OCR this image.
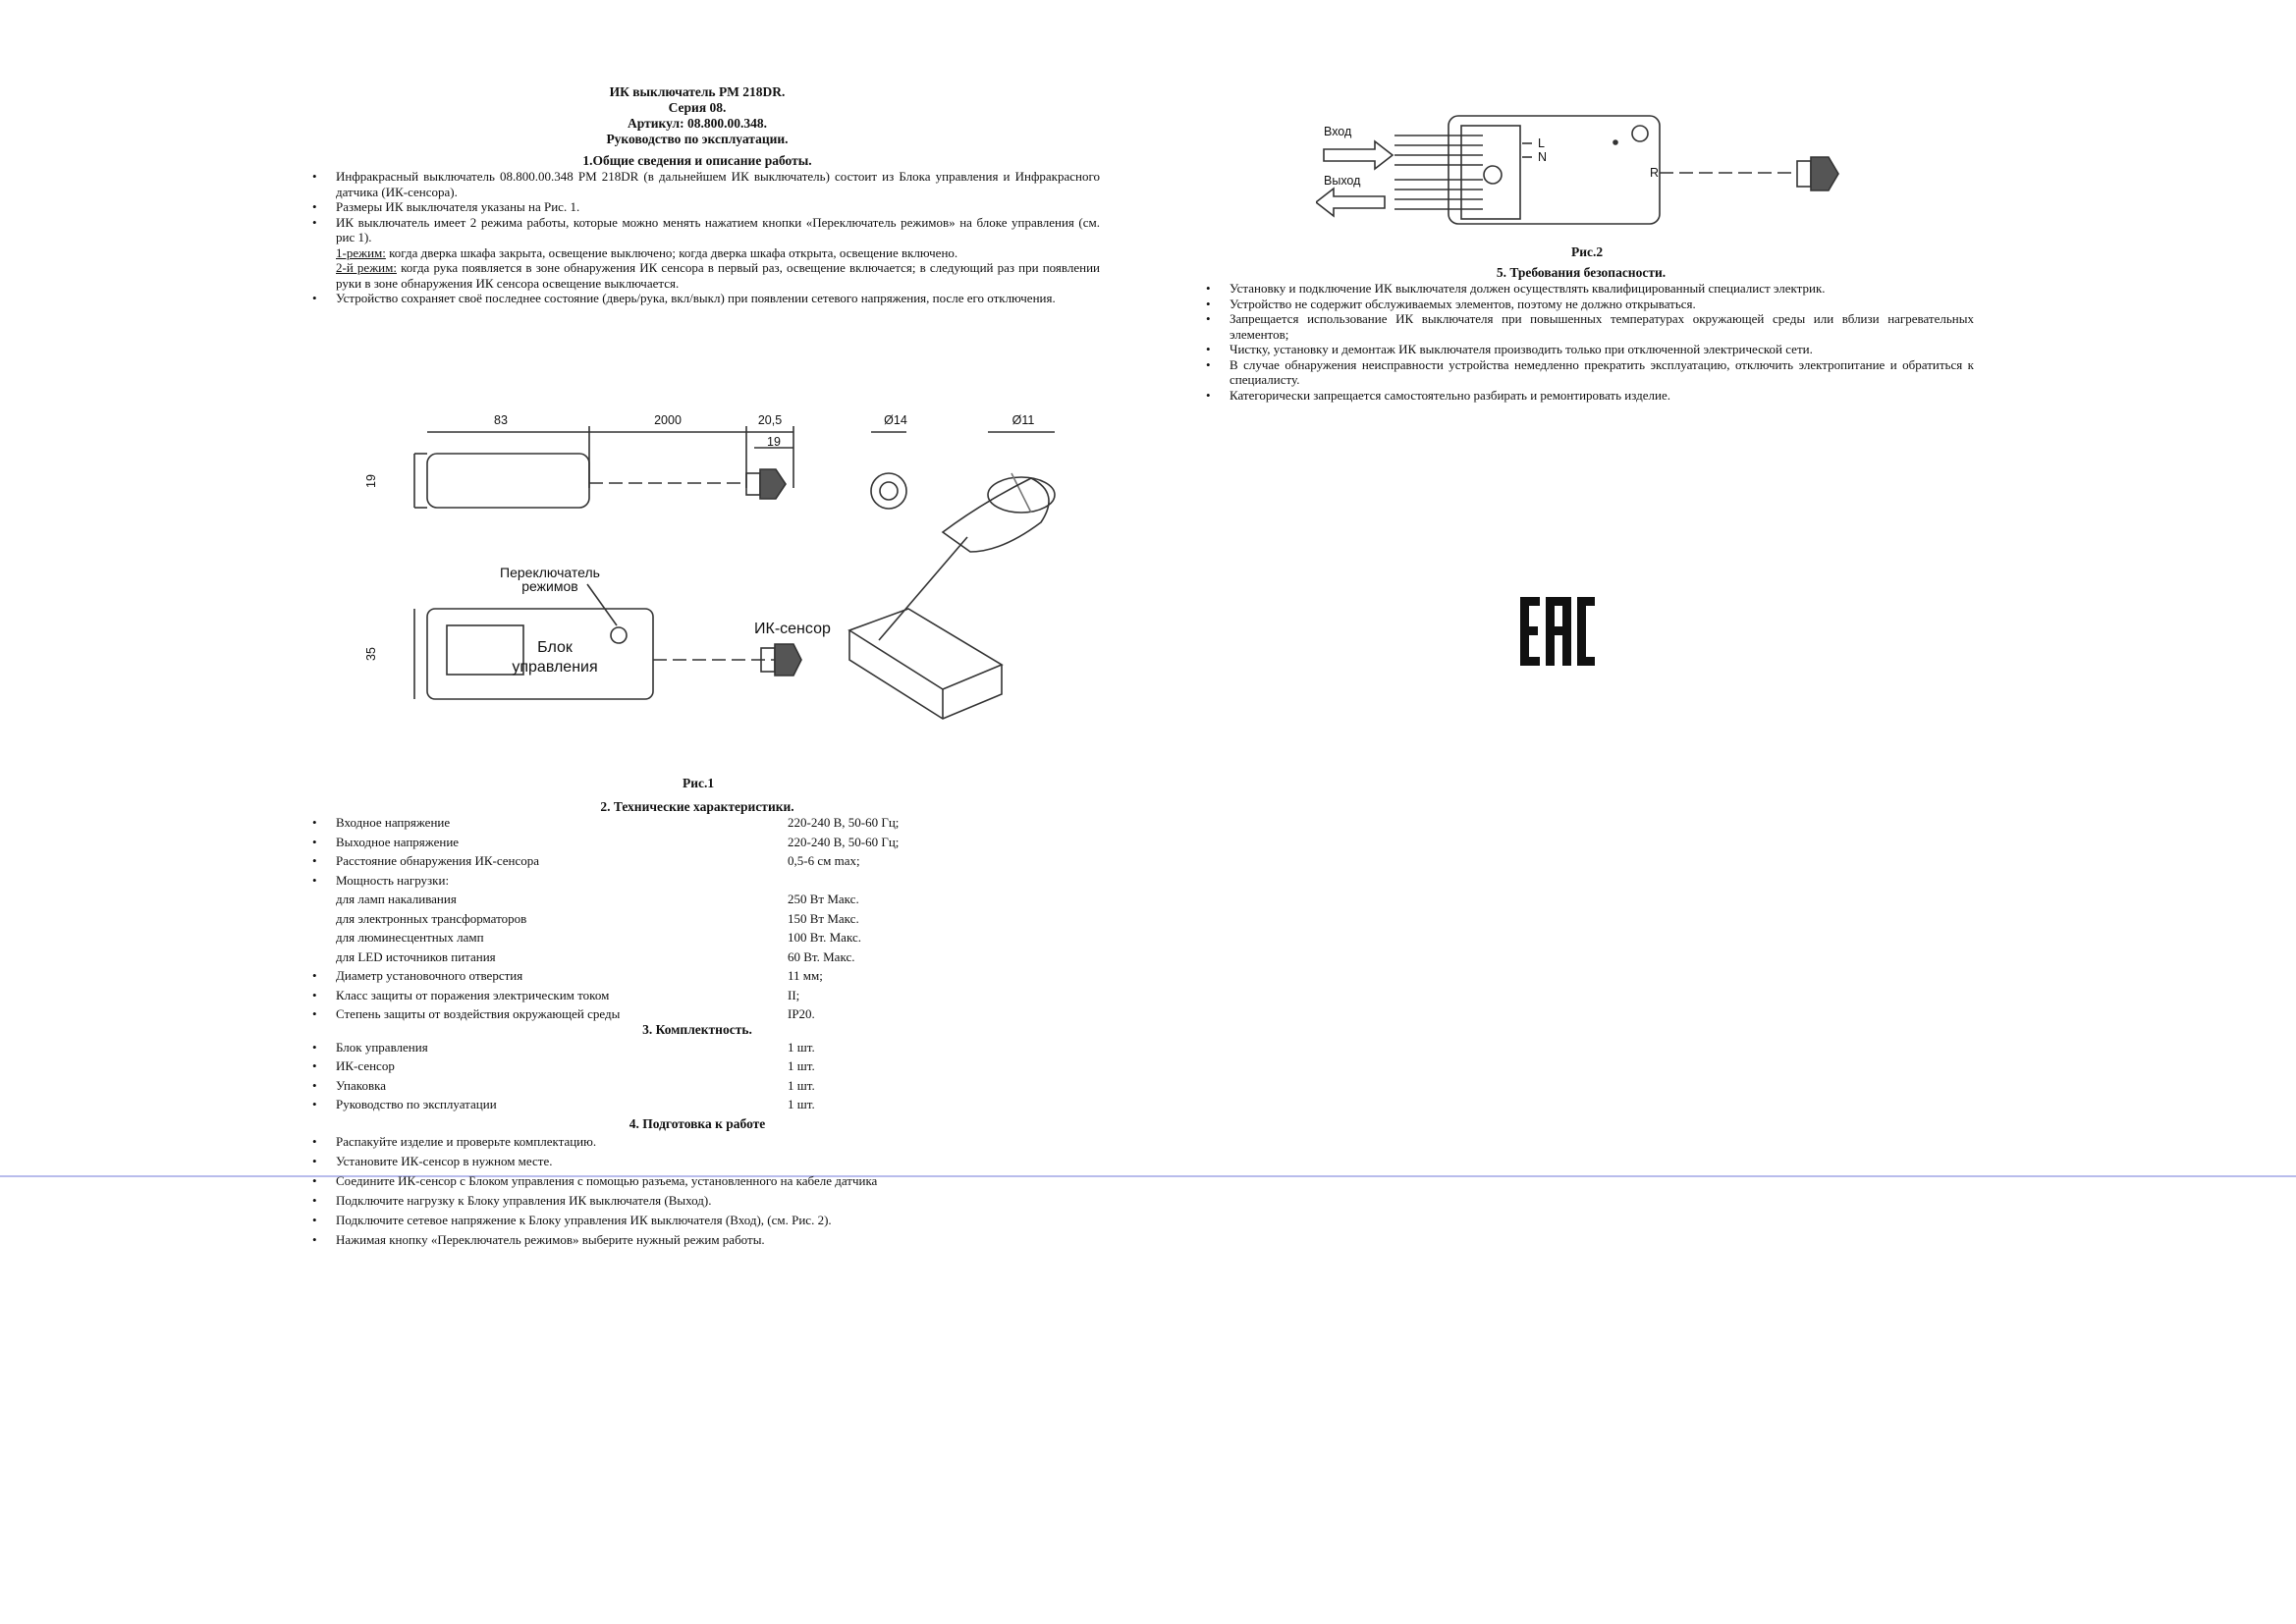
ИК выключатель PM 218DR.
Серия 08.
Артикул: 08.800.00.348.
Руководство по эксплуатации.
1.Общие сведения и описание работы.
• Инфракрасный выключатель 08.800.00.348 PM 218DR (в дальнейшем ИК выключатель) состоит из Блока управления и Инфракрасного датчика (ИК-сенсора).
• Размеры ИК выключателя указаны на Рис. 1.
• ИК выключатель имеет 2 режима работы, которые можно менять нажатием кнопки «Переключатель режимов» на блоке управления (см. рис 1).
1-режим: когда дверка шкафа закрыта, освещение выключено; когда дверка шкафа открыта, освещение включено.
2-й режим: когда рука появляется в зоне обнаружения ИК сенсора в первый раз, освещение включается; в следующий раз при появлении руки в зоне обнаружения ИК сенсора освещение выключается.
• Устройство сохраняет своё последнее состояние (дверь/рука, вкл/выкл) при появлении сетевого напряжения, после его отключения.
83	2000	20,5
19
Ø14	Ø11
19
35
Переключатель
режимов
Блок
управления
ИК-сенсор
Рис.1
2. Технические характеристики.
• Входное напряжение	220-240 В, 50-60 Гц;
• Выходное напряжение	220-240 В, 50-60 Гц;
• Расстояние обнаружения ИК-сенсора	0,5-6 см max;
• Мощность нагрузки:	
для ламп накаливания	250 Вт Макс.
для электронных трансформаторов	150 Вт Макс.
для люминесцентных ламп	100 Вт. Макс.
для LED источников питания	60 Вт. Макс.
• Диаметр установочного отверстия	11 мм;
• Класс защиты от поражения электрическим током	II;
• Степень защиты от воздействия окружающей среды	IP20.
3. Комплектность.
• Блок управления	1 шт.
• ИК-сенсор	1 шт.
• Упаковка	1 шт.
• Руководство по эксплуатации	1 шт.
4. Подготовка к работе
• Распакуйте изделие и проверьте комплектацию.
• Установите ИК-сенсор в нужном месте.
• Соедините ИК-сенсор с Блоком управления с помощью разъема, установленного на кабеле датчика
• Подключите нагрузку к Блоку управления ИК выключателя (Выход).
• Подключите сетевое напряжение к Блоку управления ИК выключателя (Вход), (см. Рис. 2).
• Нажимая кнопку «Переключатель режимов» выберите нужный режим работы.
Вход
Выход
L
N
R
Рис.2
5. Требования безопасности.
• Установку и подключение ИК выключателя должен осуществлять квалифицированный специалист электрик.
• Устройство не содержит обслуживаемых элементов, поэтому не должно открываться.
• Запрещается использование ИК выключателя при повышенных температурах окружающей среды или вблизи нагревательных элементов;
• Чистку, установку и демонтаж ИК выключателя производить только при отключенной электрической сети.
• В случае обнаружения неисправности устройства немедленно прекратить эксплуатацию, отключить электропитание и обратиться к специалисту.
• Категорически запрещается самостоятельно разбирать и ремонтировать изделие.
